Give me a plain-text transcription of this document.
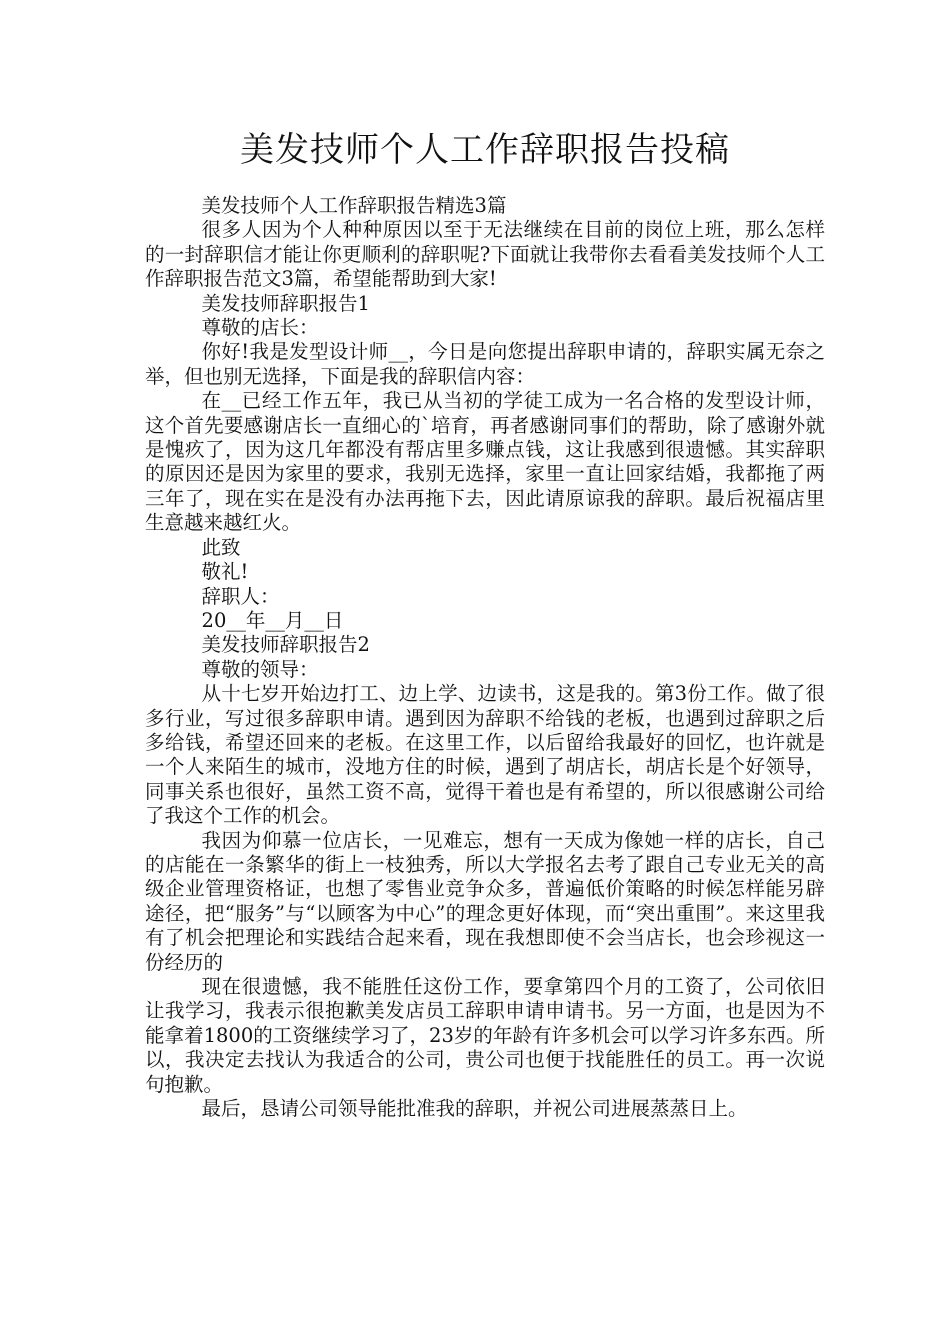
美发技师个人工作辞职报告投稿

美发技师个人工作辞职报告精选3篇

很多人因为个人种种原因以至于无法继续在目前的岗位上班，那么怎样的一封辞职信才能让你更顺利的辞职呢?下面就让我带你去看看美发技师个人工作辞职报告范文3篇，希望能帮助到大家!

美发技师辞职报告1

尊敬的店长：

你好!我是发型设计师__，今日是向您提出辞职申请的，辞职实属无奈之举，但也别无选择，下面是我的辞职信内容：

在__已经工作五年，我已从当初的学徒工成为一名合格的发型设计师，这个首先要感谢店长一直细心的`培育，再者感谢同事们的帮助，除了感谢外就是愧疚了，因为这几年都没有帮店里多赚点钱，这让我感到很遗憾。其实辞职的原因还是因为家里的要求，我别无选择，家里一直让回家结婚，我都拖了两三年了，现在实在是没有办法再拖下去，因此请原谅我的辞职。最后祝福店里生意越来越红火。

此致

敬礼!

辞职人：

20__年__月__日

美发技师辞职报告2

尊敬的领导：

从十七岁开始边打工、边上学、边读书，这是我的。第3份工作。做了很多行业，写过很多辞职申请。遇到因为辞职不给钱的老板，也遇到过辞职之后多给钱，希望还回来的老板。在这里工作，以后留给我最好的回忆，也许就是一个人来陌生的城市，没地方住的时候，遇到了胡店长，胡店长是个好领导，同事关系也很好，虽然工资不高，觉得干着也是有希望的，所以很感谢公司给了我这个工作的机会。

我因为仰慕一位店长，一见难忘，想有一天成为像她一样的店长，自己的店能在一条繁华的街上一枝独秀，所以大学报名去考了跟自己专业无关的高级企业管理资格证，也想了零售业竞争众多，普遍低价策略的时候怎样能另辟途径，把“服务”与“以顾客为中心”的理念更好体现，而“突出重围”。来这里我有了机会把理论和实践结合起来看，现在我想即使不会当店长，也会珍视这一份经历的

现在很遗憾，我不能胜任这份工作，要拿第四个月的工资了，公司依旧让我学习，我表示很抱歉美发店员工辞职申请申请书。另一方面，也是因为不能拿着1800的工资继续学习了，23岁的年龄有许多机会可以学习许多东西。所以，我决定去找认为我适合的公司，贵公司也便于找能胜任的员工。再一次说句抱歉。

最后，恳请公司领导能批准我的辞职，并祝公司进展蒸蒸日上。
